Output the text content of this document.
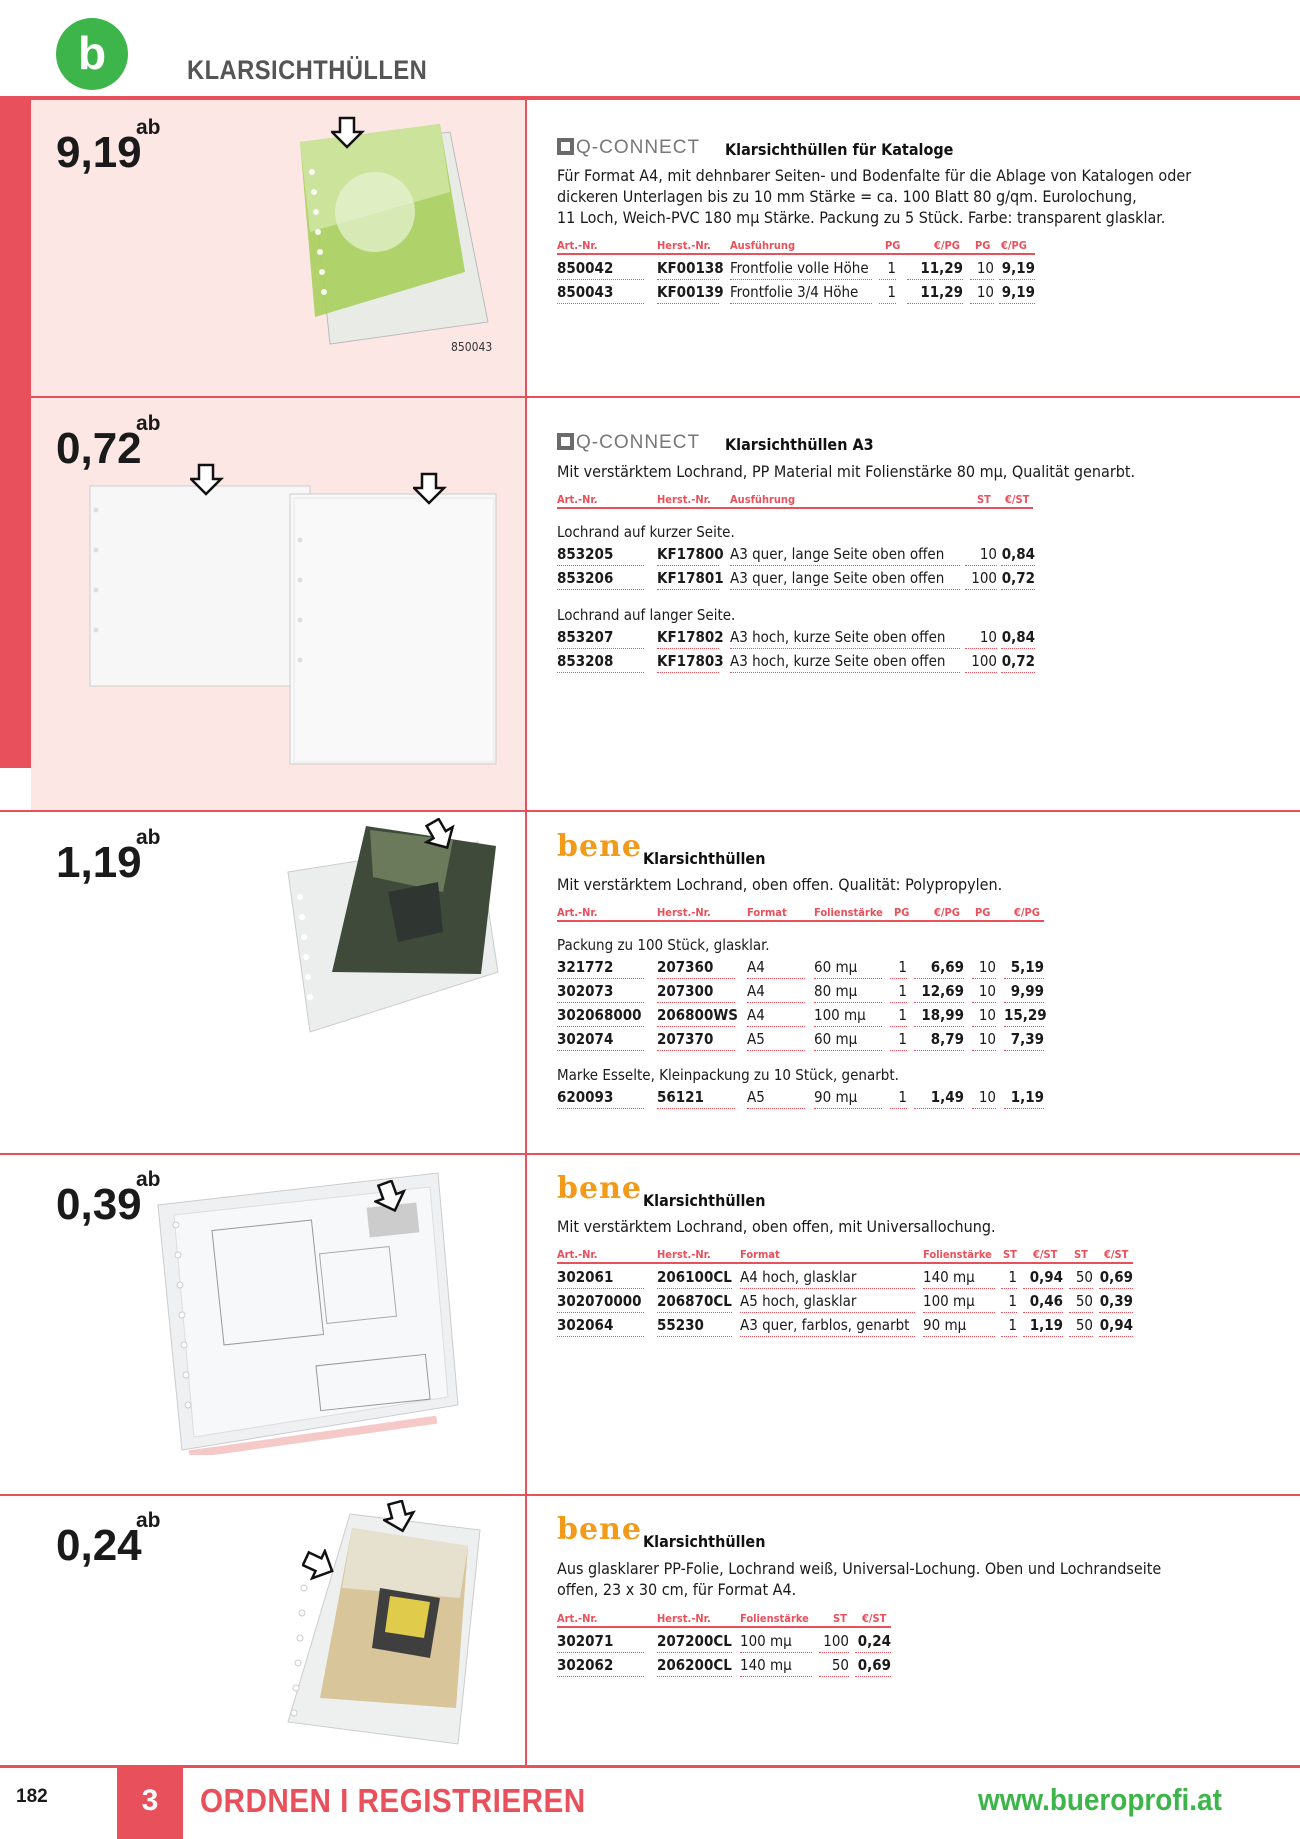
b	KLARSICHTHÜLLEN
ab
9,19
850043
Q-CONNECT Klarsichthüllen für Kataloge
Für Format A4, mit dehnbarer Seiten- und Bodenfalte für die Ablage von Katalogen oder
dickeren Unterlagen bis zu 10 mm Stärke = ca. 100 Blatt 80 g/qm. Eurolochung,
11 Loch, Weich-PVC 180 mµ Stärke. Packung zu 5 Stück. Farbe: transparent glasklar.
Art.-Nr.	Herst.-Nr. Ausführung	PG	€/PG PG €/PG
850042	KF00138 Frontfolie volle Höhe	1	11,29 10 9,19
850043	KF00139 Frontfolie 3/4 Höhe	1	11,29 10 9,19
ab
0,72	Q-CONNECT Klarsichthüllen A3
Mit verstärktem Lochrand, PP Material mit Folienstärke 80 mµ, Qualität genarbt.
Art.-Nr.	Herst.-Nr. Ausführung	ST €/ST
Lochrand auf kurzer Seite.
853205	KF17800 A3 quer, lange Seite oben offen	10 0,84
853206	KF17801 A3 quer, lange Seite oben offen	100 0,72
Lochrand auf langer Seite.
853207	KF17802 A3 hoch, kurze Seite oben offen	10 0,84
853208	KF17803 A3 hoch, kurze Seite oben offen	100 0,72
ab
1,19	bene Klarsichthüllen
Mit verstärktem Lochrand, oben offen. Qualität: Polypropylen.
Art.-Nr.	Herst.-Nr.	Format Folienstärke PG €/PG PG €/PG
Packung zu 100 Stück, glasklar.
321772	207360	A4	60 mµ	1	6,69 10 5,19
302073	207300	A4	80 mµ	1 12,69 10 9,99
302068000 206800WS A4	100 mµ	1 18,99 10 15,29
302074	207370	A5	60 mµ	1	8,79 10 7,39
Marke Esselte, Kleinpackung zu 10 Stück, genarbt.
620093	56121	A5	90 mµ	1	1,49 10 1,19
ab
0,39	bene Klarsichthüllen
Mit verstärktem Lochrand, oben offen, mit Universallochung.
Art.-Nr.	Herst.-Nr.	Format	Folienstärke ST €/ST ST €/ST
302061	206100CL A4 hoch, glasklar	140 mµ	1 0,94 50 0,69
302070000 206870CL A5 hoch, glasklar	100 mµ	1 0,46 50 0,39
302064	55230	A3 quer, farblos, genarbt 90 mµ	1 1,19 50 0,94
ab
0,24	bene Klarsichthüllen
Aus glasklarer PP-Folie, Lochrand weiß, Universal-Lochung. Oben und Lochrandseite
offen, 23 x 30 cm, für Format A4.
Art.-Nr.	Herst.-Nr.	Folienstärke ST €/ST
302071	207200CL 100 mµ	100 0,24
302062	206200CL 140 mµ	50 0,69
182	3	ORDNEN I REGISTRIEREN	www.bueroprofi.at
